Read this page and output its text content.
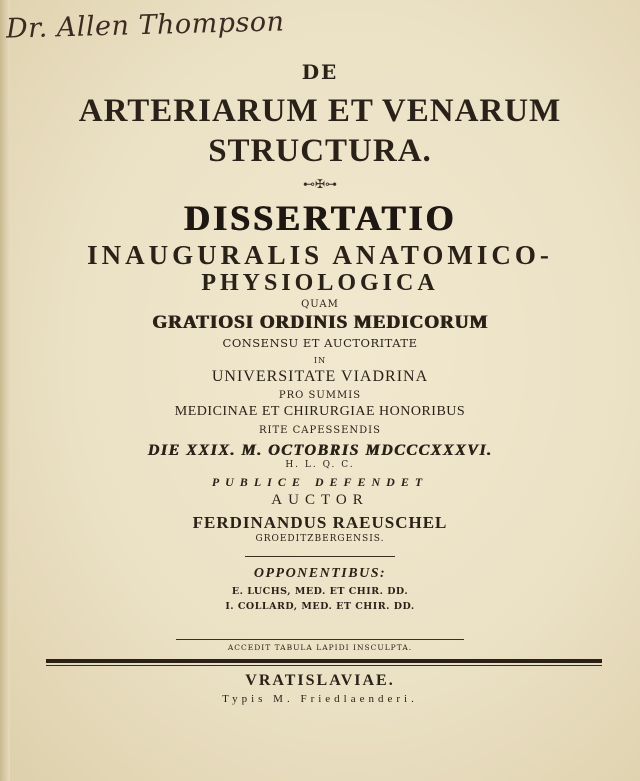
Dr. Allen Thompson
DE
ARTERIARUM ET VENARUM
STRUCTURA.
⊷✠⊶
DISSERTATIO
INAUGURALIS ANATOMICO-
PHYSIOLOGICA
QUAM
GRATIOSI ORDINIS MEDICORUM
CONSENSU ET AUCTORITATE
IN
UNIVERSITATE VIADRINA
PRO SUMMIS
MEDICINAE ET CHIRURGIAE HONORIBUS
RITE CAPESSENDIS
DIE XXIX. M. OCTOBRIS MDCCCXXXVI.
H. L. Q. C.
PUBLICE DEFENDET
AUCTOR
FERDINANDUS RAEUSCHEL
GROEDITZBERGENSIS.
OPPONENTIBUS:
E. LUCHS, MED. ET CHIR. DD.
I. COLLARD, MED. ET CHIR. DD.
ACCEDIT TABULA LAPIDI INSCULPTA.
VRATISLAVIAE.
Typis M. Friedlaenderi.
